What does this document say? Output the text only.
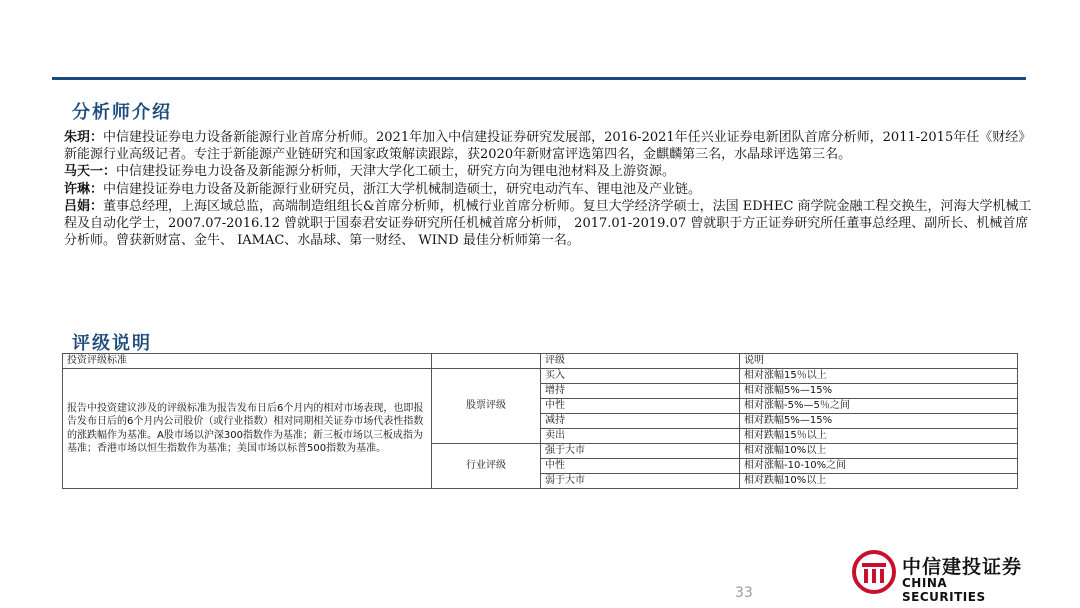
分析师介绍

朱玥：中信建投证券电力设备新能源行业首席分析师。2021年加入中信建投证券研究发展部，2016-2021年任兴业证券电新团队首席分析师，2011-2015年任《财经》新能源行业高级记者。专注于新能源产业链研究和国家政策解读跟踪，获2020年新财富评选第四名，金麒麟第三名，水晶球评选第三名。

马天一：中信建投证券电力设备及新能源分析师，天津大学化工硕士，研究方向为锂电池材料及上游资源。

许琳：中信建投证券电力设备及新能源行业研究员，浙江大学机械制造硕士，研究电动汽车、锂电池及产业链。

吕娟：董事总经理，上海区域总监，高端制造组组长&首席分析师，机械行业首席分析师。复旦大学经济学硕士，法国 EDHEC 商学院金融工程交换生，河海大学机械工程及自动化学士，2007.07-2016.12 曾就职于国泰君安证券研究所任机械首席分析师， 2017.01-2019.07 曾就职于方正证券研究所任董事总经理、副所长、机械首席分析师。曾获新财富、金牛、 IAMAC、水晶球、第一财经、 WIND 最佳分析师第一名。

评级说明
投资评级标准		评级	说明
报告中投资建议涉及的评级标准为报告发布日后6个月内的相对市场表现，也即报告发布日后的6个月内公司股价（或行业指数）相对同期相关证券市场代表性指数的涨跌幅作为基准。A股市场以沪深300指数作为基准；新三板市场以三板成指为基准；香港市场以恒生指数作为基准；美国市场以标普500指数为基准。	股票评级	买入	相对涨幅15％以上
		增持	相对涨幅5%—15%
		中性	相对涨幅-5%—5％之间
		减持	相对跌幅5%—15%
		卖出	相对跌幅15％以上
	行业评级	强于大市	相对涨幅10%以上
		中性	相对涨幅-10-10%之间
		弱于大市	相对跌幅10%以上
33
中信建投证券
CHINA SECURITIES
